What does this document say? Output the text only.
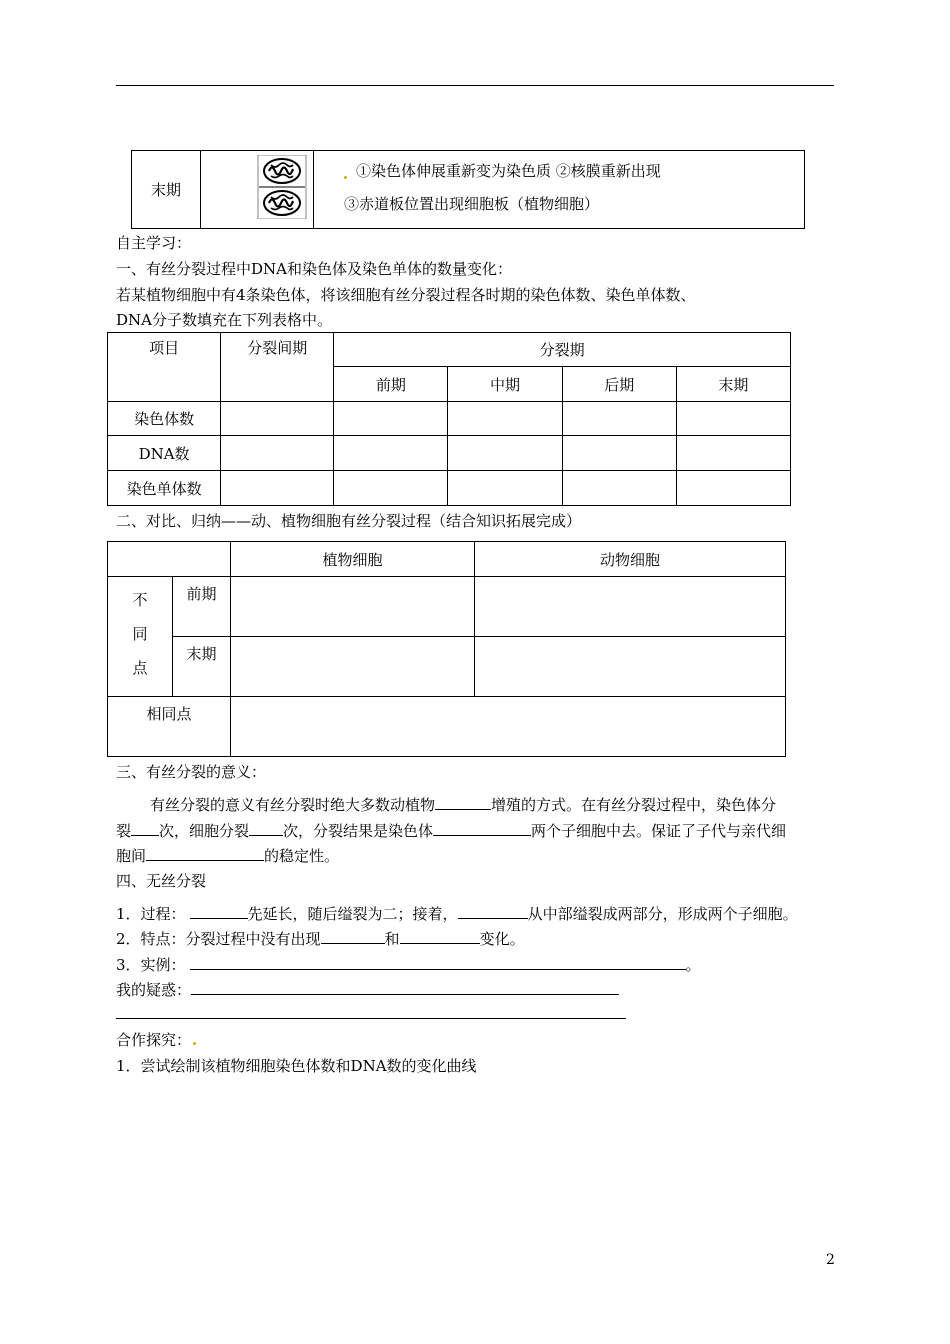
末期	

①染色体伸展重新变为染色质 ②核膜重新出现
③赤道板位置出现细胞板（植物细胞）
自主学习：
一、有丝分裂过程中DNA和染色体及染色单体的数量变化：
若某植物细胞中有4条染色体，将该细胞有丝分裂过程各时期的染色体数、染色单体数、
DNA分子数填充在下列表格中。
项目	分裂间期	分裂期			
		前期	中期	后期	末期
染色体数					
DNA数					
染色单体数					
二、对比、归纳——动、植物细胞有丝分裂过程（结合知识拓展完成）
		植物细胞	动物细胞

不
同
点	前期		
	末期		
相同点			
三、有丝分裂的意义：
有丝分裂的意义有丝分裂时绝大多数动植物	增殖的方式。在有丝分裂过程中，染色体分
裂 次，细胞分裂 次，分裂结果是染色体	两个子细胞中去。保证了子代与亲代细
胞间	的稳定性。
四、无丝分裂
1．过程：	先延长，随后缢裂为二；接着，	从中部缢裂成两部分，形成两个子细胞。
2．特点：分裂过程中没有出现	和	变化。
3．实例：	。
我的疑惑：
合作探究：
1．尝试绘制该植物细胞染色体数和DNA数的变化曲线
2
